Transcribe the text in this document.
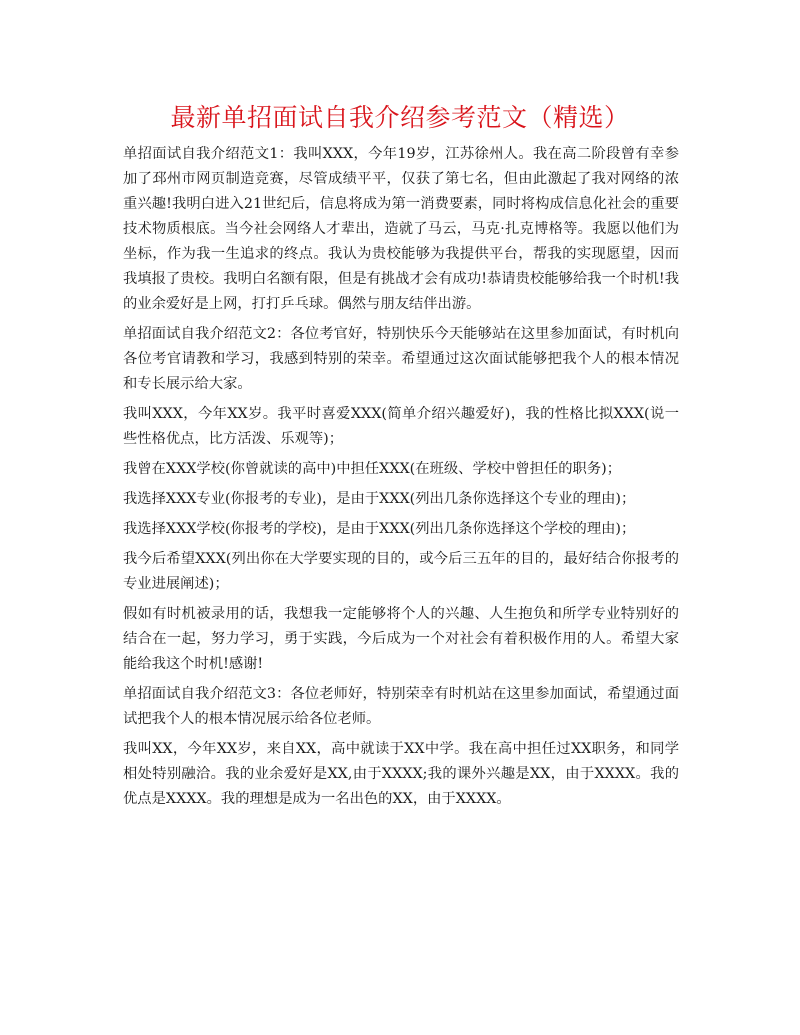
最新单招面试自我介绍参考范文（精选）

单招面试自我介绍范文1：我叫XXX，今年19岁，江苏徐州人。我在高二阶段曾有幸参加了邳州市网页制造竞赛，尽管成绩平平，仅获了第七名，但由此激起了我对网络的浓重兴趣!我明白进入21世纪后，信息将成为第一消费要素，同时将构成信息化社会的重要技术物质根底。当今社会网络人才辈出，造就了马云，马克·扎克博格等。我愿以他们为坐标，作为我一生追求的终点。我认为贵校能够为我提供平台，帮我的实现愿望，因而我填报了贵校。我明白名额有限，但是有挑战才会有成功!恭请贵校能够给我一个时机!我的业余爱好是上网，打打乒乓球。偶然与朋友结伴出游。

单招面试自我介绍范文2：各位考官好，特别快乐今天能够站在这里参加面试，有时机向各位考官请教和学习，我感到特别的荣幸。希望通过这次面试能够把我个人的根本情况和专长展示给大家。

我叫XXX，今年XX岁。我平时喜爱XXX(简单介绍兴趣爱好)，我的性格比拟XXX(说一些性格优点，比方活泼、乐观等)；

我曾在XXX学校(你曾就读的高中)中担任XXX(在班级、学校中曾担任的职务)；

我选择XXX专业(你报考的专业)，是由于XXX(列出几条你选择这个专业的理由)；

我选择XXX学校(你报考的学校)，是由于XXX(列出几条你选择这个学校的理由)；

我今后希望XXX(列出你在大学要实现的目的，或今后三五年的目的，最好结合你报考的专业进展阐述)；

假如有时机被录用的话，我想我一定能够将个人的兴趣、人生抱负和所学专业特别好的结合在一起，努力学习，勇于实践，今后成为一个对社会有着积极作用的人。希望大家能给我这个时机!感谢!

单招面试自我介绍范文3：各位老师好，特别荣幸有时机站在这里参加面试，希望通过面试把我个人的根本情况展示给各位老师。

我叫XX，今年XX岁，来自XX，高中就读于XX中学。我在高中担任过XX职务，和同学相处特别融洽。我的业余爱好是XX,由于XXXX;我的课外兴趣是XX，由于XXXX。我的优点是XXXX。我的理想是成为一名出色的XX，由于XXXX。
